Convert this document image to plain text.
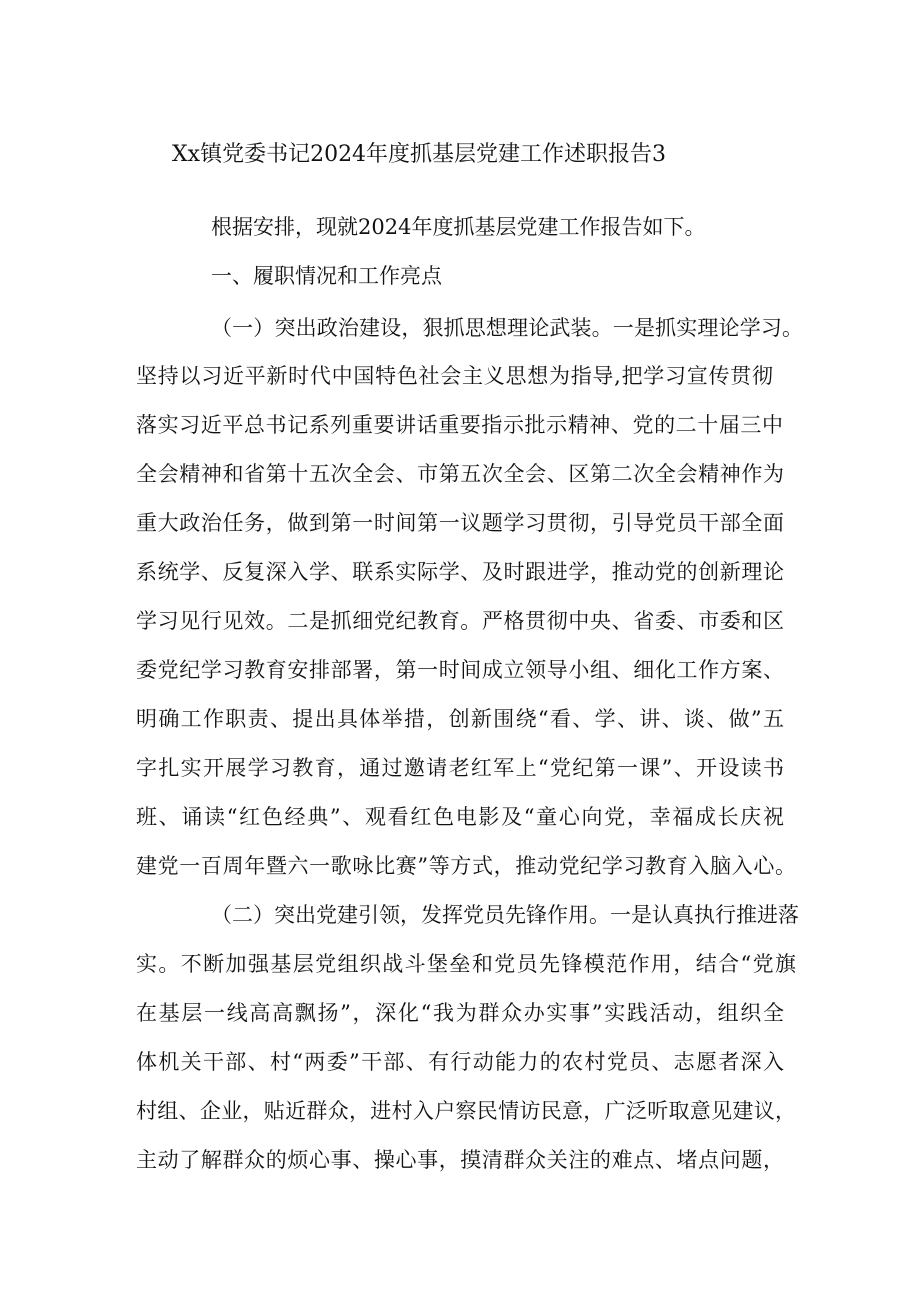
Xx镇党委书记2024年度抓基层党建工作述职报告3
根据安排，现就2024年度抓基层党建工作报告如下。
一、履职情况和工作亮点
（一）突出政治建设，狠抓思想理论武装。一是抓实理论学习。
坚持以习近平新时代中国特色社会主义思想为指导,把学习宣传贯彻
落实习近平总书记系列重要讲话重要指示批示精神、党的二十届三中
全会精神和省第十五次全会、市第五次全会、区第二次全会精神作为
重大政治任务，做到第一时间第一议题学习贯彻，引导党员干部全面
系统学、反复深入学、联系实际学、及时跟进学，推动党的创新理论
学习见行见效。二是抓细党纪教育。严格贯彻中央、省委、市委和区
委党纪学习教育安排部署，第一时间成立领导小组、细化工作方案、
明确工作职责、提出具体举措，创新围绕“看、学、讲、谈、做”五
字扎实开展学习教育，通过邀请老红军上“党纪第一课”、开设读书
班、诵读“红色经典”、观看红色电影及“童心向党，幸福成长庆祝
建党一百周年暨六一歌咏比赛”等方式，推动党纪学习教育入脑入心。
（二）突出党建引领，发挥党员先锋作用。一是认真执行推进落
实。不断加强基层党组织战斗堡垒和党员先锋模范作用，结合“党旗
在基层一线高高飘扬”，深化“我为群众办实事”实践活动，组织全
体机关干部、村“两委”干部、有行动能力的农村党员、志愿者深入
村组、企业，贴近群众，进村入户察民情访民意，广泛听取意见建议，
主动了解群众的烦心事、操心事，摸清群众关注的难点、堵点问题，
